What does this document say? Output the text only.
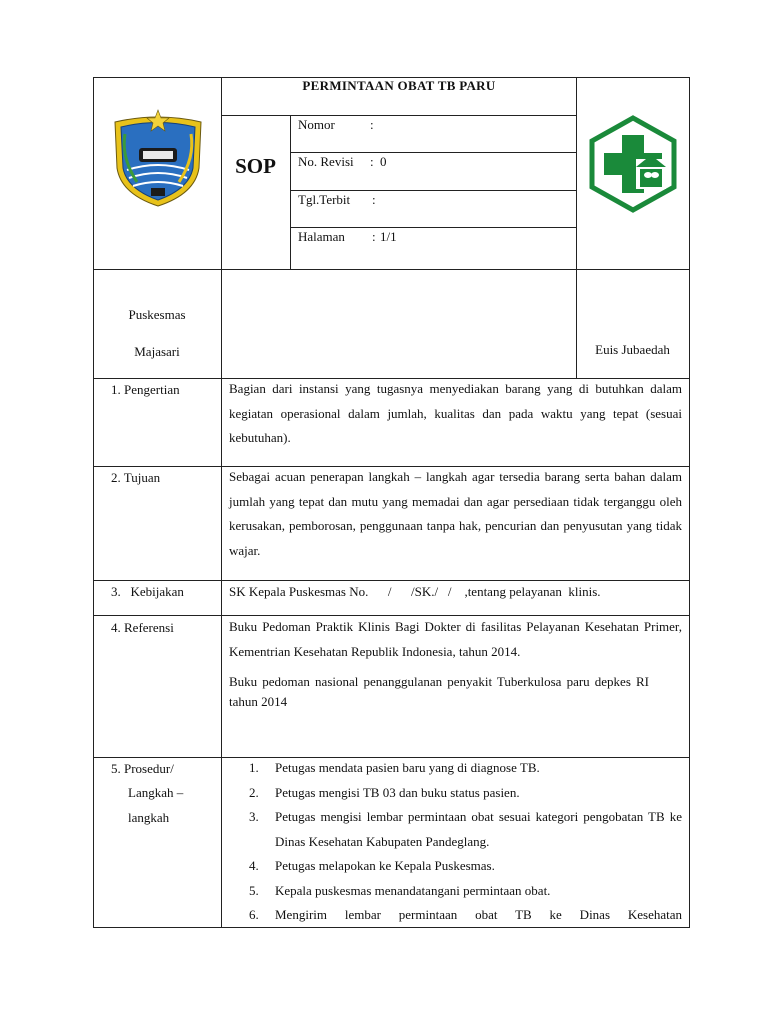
PERMINTAAN OBAT TB PARU
SOP
Nomor	:
No. Revisi : 0
Tgl.Terbit :
Halaman : 1/1
Puskesmas
Majasari	Euis Jubaedah
1. Pengertian	Bagian dari instansi yang tugasnya menyediakan barang yang di butuhkan dalam kegiatan operasional dalam jumlah, kualitas dan pada waktu yang tepat (sesuai kebutuhan).

2. Tujuan	Sebagai acuan penerapan langkah – langkah agar tersedia barang serta bahan dalam jumlah yang tepat dan mutu yang memadai dan agar persediaan tidak terganggu oleh kerusakan, pemborosan, penggunaan tanpa hak, pencurian dan penyusutan yang tidak wajar.

3.   Kebijakan	SK Kepala Puskesmas No.      /      /SK./   /    ,tentang pelayanan  klinis.
4. Referensi	Buku Pedoman Praktik Klinis Bagi Dokter di fasilitas Pelayanan Kesehatan Primer, Kementrian Kesehatan Republik Indonesia, tahun 2014.

Buku pedoman nasional penanggulanan penyakit Tuberkulosa paru depkes RI tahun 2014

5. Prosedur/
Langkah –
langkah
1. Petugas mendata pasien baru yang di diagnose TB.
2. Petugas mengisi TB 03 dan buku status pasien.
3. Petugas mengisi lembar permintaan obat sesuai kategori pengobatan TB ke Dinas Kesehatan Kabupaten Pandeglang.
4. Petugas melapokan ke Kepala Puskesmas.
5. Kepala puskesmas menandatangani permintaan obat.
6. Mengirim lembar permintaan obat TB ke Dinas Kesehatan
